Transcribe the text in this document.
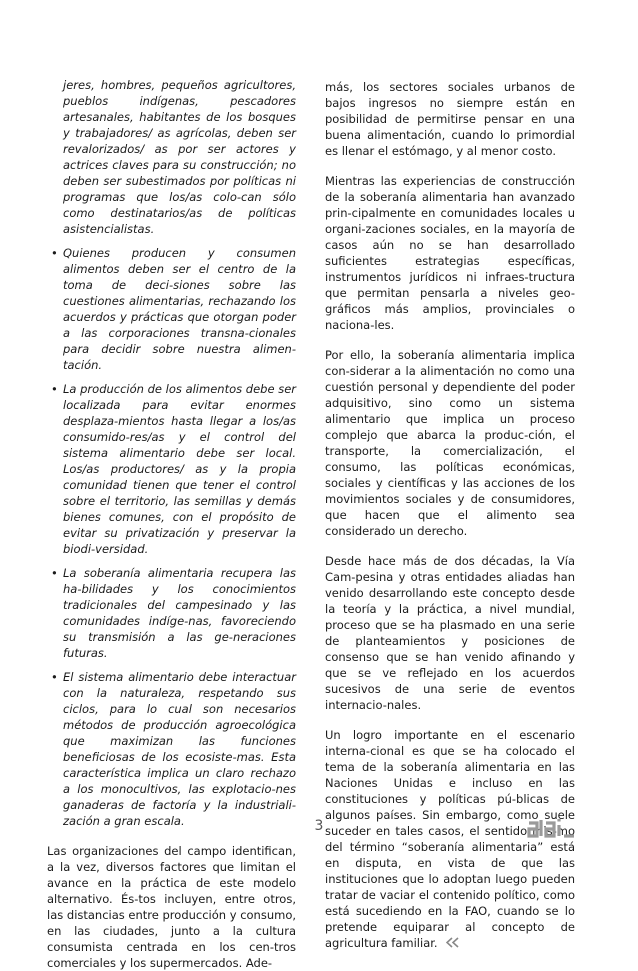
jeres, hombres, pequeños agricultores, pueblos indígenas, pescadores artesanales, habitantes de los bosques y trabajadores/ as agrícolas, deben ser revalorizados/ as por ser actores y actrices claves para su construcción; no deben ser subestimados por políticas ni programas que los/as colo-can sólo como destinatarios/as de políticas asistencialistas.

• Quienes producen y consumen alimentos deben ser el centro de la toma de deci-siones sobre las cuestiones alimentarias, rechazando los acuerdos y prácticas que otorgan poder a las corporaciones transna-cionales para decidir sobre nuestra alimen-tación.
• La producción de los alimentos debe ser localizada para evitar enormes desplaza-mientos hasta llegar a los/as consumido-res/as y el control del sistema alimentario debe ser local. Los/as productores/ as y la propia comunidad tienen que tener el control sobre el territorio, las semillas y demás bienes comunes, con el propósito de evitar su privatización y preservar la biodi-versidad.
• La soberanía alimentaria recupera las ha-bilidades y los conocimientos tradicionales del campesinado y las comunidades indíge-nas, favoreciendo su transmisión a las ge-neraciones futuras.
• El sistema alimentario debe interactuar con la naturaleza, respetando sus ciclos, para lo cual son necesarios métodos de producción agroecológica que maximizan las funciones beneficiosas de los ecosiste-mas. Esta característica implica un claro rechazo a los monocultivos, las explotacio-nes ganaderas de factoría y la industriali-zación a gran escala.

Las organizaciones del campo identifican, a la vez, diversos factores que limitan el avance en la práctica de este modelo alternativo. És-tos incluyen, entre otros, las distancias entre producción y consumo, en las ciudades, junto a la cultura consumista centrada en los cen-tros comerciales y los supermercados. Ade-

más, los sectores sociales urbanos de bajos ingresos no siempre están en posibilidad de permitirse pensar en una buena alimentación, cuando lo primordial es llenar el estómago, y al menor costo.

Mientras las experiencias de construcción de la soberanía alimentaria han avanzado prin-cipalmente en comunidades locales u organi-zaciones sociales, en la mayoría de casos aún no se han desarrollado suficientes estrategias específicas, instrumentos jurídicos ni infraes-tructura que permitan pensarla a niveles geo-gráficos más amplios, provinciales o naciona-les.

Por ello, la soberanía alimentaria implica con-siderar a la alimentación no como una cuestión personal y dependiente del poder adquisitivo, sino como un sistema alimentario que implica un proceso complejo que abarca la produc-ción, el transporte, la comercialización, el consumo, las políticas económicas, sociales y científicas y las acciones de los movimientos sociales y de consumidores, que hacen que el alimento sea considerado un derecho.

Desde hace más de dos décadas, la Vía Cam-pesina y otras entidades aliadas han venido desarrollando este concepto desde la teoría y la práctica, a nivel mundial, proceso que se ha plasmado en una serie de planteamientos y posiciones de consenso que se han venido afinando y que se ve reflejado en los acuerdos sucesivos de una serie de eventos internacio-nales.

Un logro importante en el escenario interna-cional es que se ha colocado el tema de la soberanía alimentaria en las Naciones Unidas e incluso en las constituciones y políticas pú-blicas de algunos países. Sin embargo, como suele suceder en tales casos, el sentido mis-mo del término “soberanía alimentaria” está en disputa, en vista de que las instituciones que lo adoptan luego pueden tratar de vaciar el contenido político, como está sucediendo en la FAO, cuando se lo pretende equiparar al concepto de agricultura familiar.

3
